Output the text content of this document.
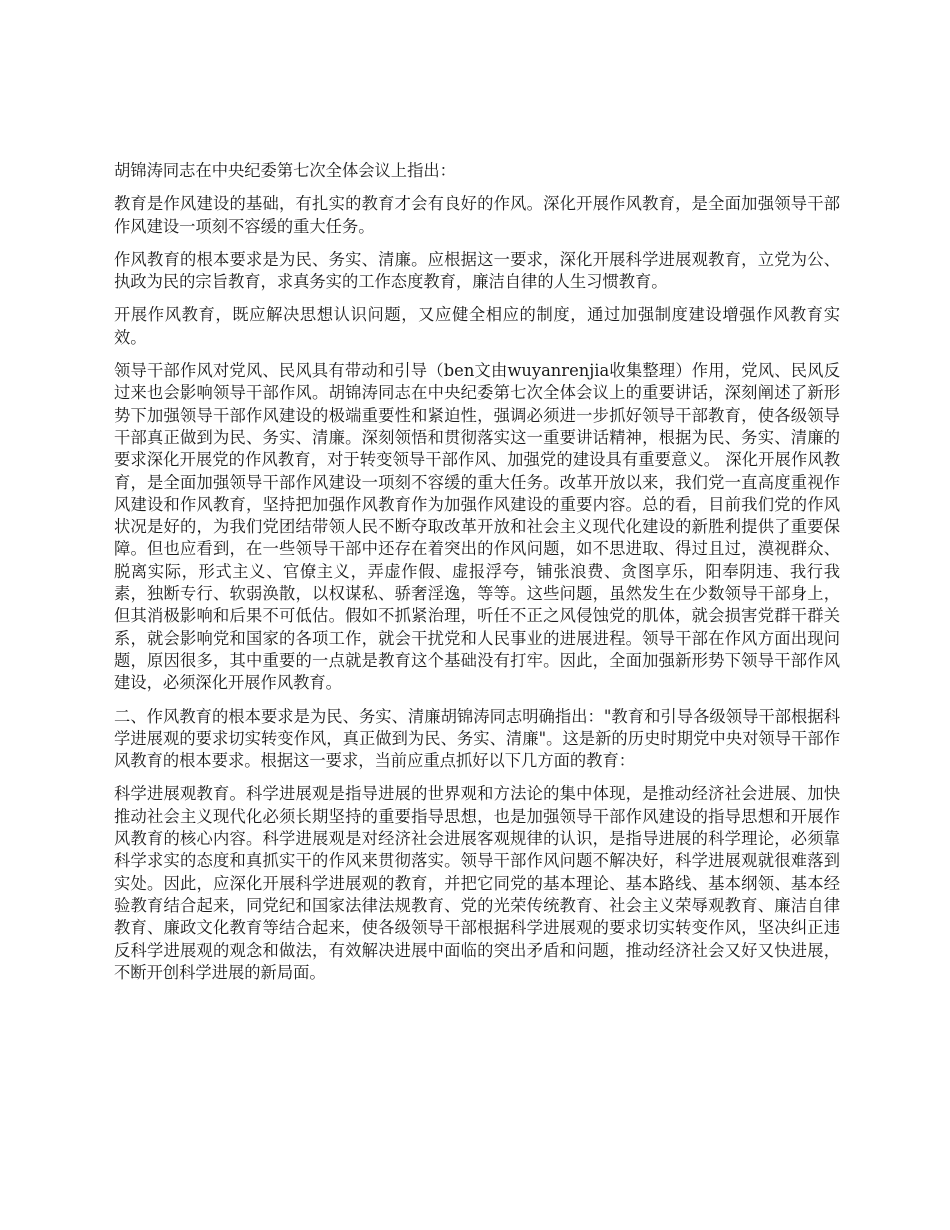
胡锦涛同志在中央纪委第七次全体会议上指出：

教育是作风建设的基础，有扎实的教育才会有良好的作风。深化开展作风教育，是全面加强领导干部作风建设一项刻不容缓的重大任务。

作风教育的根本要求是为民、务实、清廉。应根据这一要求，深化开展科学进展观教育，立党为公、执政为民的宗旨教育，求真务实的工作态度教育，廉洁自律的人生习惯教育。

开展作风教育，既应解决思想认识问题，又应健全相应的制度，通过加强制度建设增强作风教育实效。

领导干部作风对党风、民风具有带动和引导（ben文由wuyanrenjia收集整理）作用，党风、民风反过来也会影响领导干部作风。胡锦涛同志在中央纪委第七次全体会议上的重要讲话，深刻阐述了新形势下加强领导干部作风建设的极端重要性和紧迫性，强调必须进一步抓好领导干部教育，使各级领导干部真正做到为民、务实、清廉。深刻领悟和贯彻落实这一重要讲话精神，根据为民、务实、清廉的要求深化开展党的作风教育，对于转变领导干部作风、加强党的建设具有重要意义。 深化开展作风教育，是全面加强领导干部作风建设一项刻不容缓的重大任务。改革开放以来，我们党一直高度重视作风建设和作风教育，坚持把加强作风教育作为加强作风建设的重要内容。总的看，目前我们党的作风状况是好的，为我们党团结带领人民不断夺取改革开放和社会主义现代化建设的新胜利提供了重要保障。但也应看到，在一些领导干部中还存在着突出的作风问题，如不思进取、得过且过，漠视群众、脱离实际，形式主义、官僚主义，弄虚作假、虚报浮夸，铺张浪费、贪图享乐，阳奉阴违、我行我素，独断专行、软弱涣散，以权谋私、骄奢淫逸，等等。这些问题，虽然发生在少数领导干部身上，但其消极影响和后果不可低估。假如不抓紧治理，听任不正之风侵蚀党的肌体，就会损害党群干群关系，就会影响党和国家的各项工作，就会干扰党和人民事业的进展进程。领导干部在作风方面出现问题，原因很多，其中重要的一点就是教育这个基础没有打牢。因此，全面加强新形势下领导干部作风建设，必须深化开展作风教育。

二、作风教育的根本要求是为民、务实、清廉胡锦涛同志明确指出："教育和引导各级领导干部根据科学进展观的要求切实转变作风，真正做到为民、务实、清廉"。这是新的历史时期党中央对领导干部作风教育的根本要求。根据这一要求，当前应重点抓好以下几方面的教育：

科学进展观教育。科学进展观是指导进展的世界观和方法论的集中体现，是推动经济社会进展、加快推动社会主义现代化必须长期坚持的重要指导思想，也是加强领导干部作风建设的指导思想和开展作风教育的核心内容。科学进展观是对经济社会进展客观规律的认识，是指导进展的科学理论，必须靠科学求实的态度和真抓实干的作风来贯彻落实。领导干部作风问题不解决好，科学进展观就很难落到实处。因此，应深化开展科学进展观的教育，并把它同党的基本理论、基本路线、基本纲领、基本经验教育结合起来，同党纪和国家法律法规教育、党的光荣传统教育、社会主义荣辱观教育、廉洁自律教育、廉政文化教育等结合起来，使各级领导干部根据科学进展观的要求切实转变作风，坚决纠正违反科学进展观的观念和做法，有效解决进展中面临的突出矛盾和问题，推动经济社会又好又快进展，不断开创科学进展的新局面。
